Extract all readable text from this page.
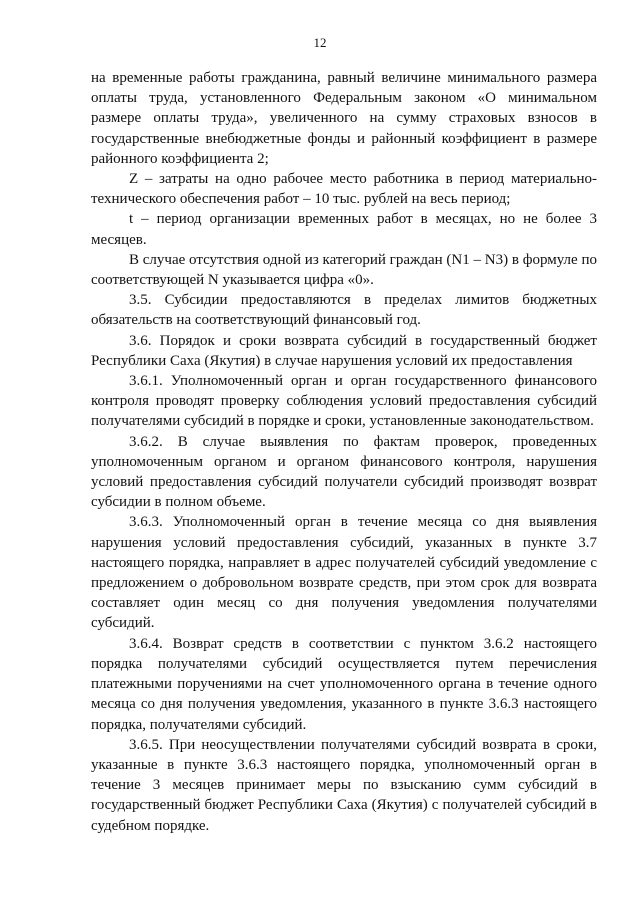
12

на временные работы гражданина, равный величине минимального размера оплаты труда, установленного Федеральным законом «О минимальном размере оплаты труда», увеличенного на сумму страховых взносов в государственные внебюджетные фонды и районный коэффициент в размере районного коэффициента 2;

Z – затраты на одно рабочее место работника в период материально-технического обеспечения работ – 10 тыс. рублей на весь период;

t – период организации временных работ в месяцах, но не более 3 месяцев.

В случае отсутствия одной из категорий граждан (N1 – N3) в формуле по соответствующей N указывается цифра «0».

3.5. Субсидии предоставляются в пределах лимитов бюджетных обязательств на соответствующий финансовый год.

3.6. Порядок и сроки возврата субсидий в государственный бюджет Республики Саха (Якутия) в случае нарушения условий их предоставления

3.6.1. Уполномоченный орган и орган государственного финансового контроля проводят проверку соблюдения условий предоставления субсидий получателями субсидий в порядке и сроки, установленные законодательством.

3.6.2. В случае выявления по фактам проверок, проведенных уполномоченным органом и органом финансового контроля, нарушения условий предоставления субсидий получатели субсидий производят возврат субсидии в полном объеме.

3.6.3. Уполномоченный орган в течение месяца со дня выявления нарушения условий предоставления субсидий, указанных в пункте 3.7 настоящего порядка, направляет в адрес получателей субсидий уведомление с предложением о добровольном возврате средств, при этом срок для возврата составляет один месяц со дня получения уведомления получателями субсидий.

3.6.4. Возврат средств в соответствии с пунктом 3.6.2 настоящего порядка получателями субсидий осуществляется путем перечисления платежными поручениями на счет уполномоченного органа в течение одного месяца со дня получения уведомления, указанного в пункте 3.6.3 настоящего порядка, получателями субсидий.

3.6.5. При неосуществлении получателями субсидий возврата в сроки, указанные в пункте 3.6.3 настоящего порядка, уполномоченный орган в течение 3 месяцев принимает меры по взысканию сумм субсидий в государственный бюджет Республики Саха (Якутия) с получателей субсидий в судебном порядке.
